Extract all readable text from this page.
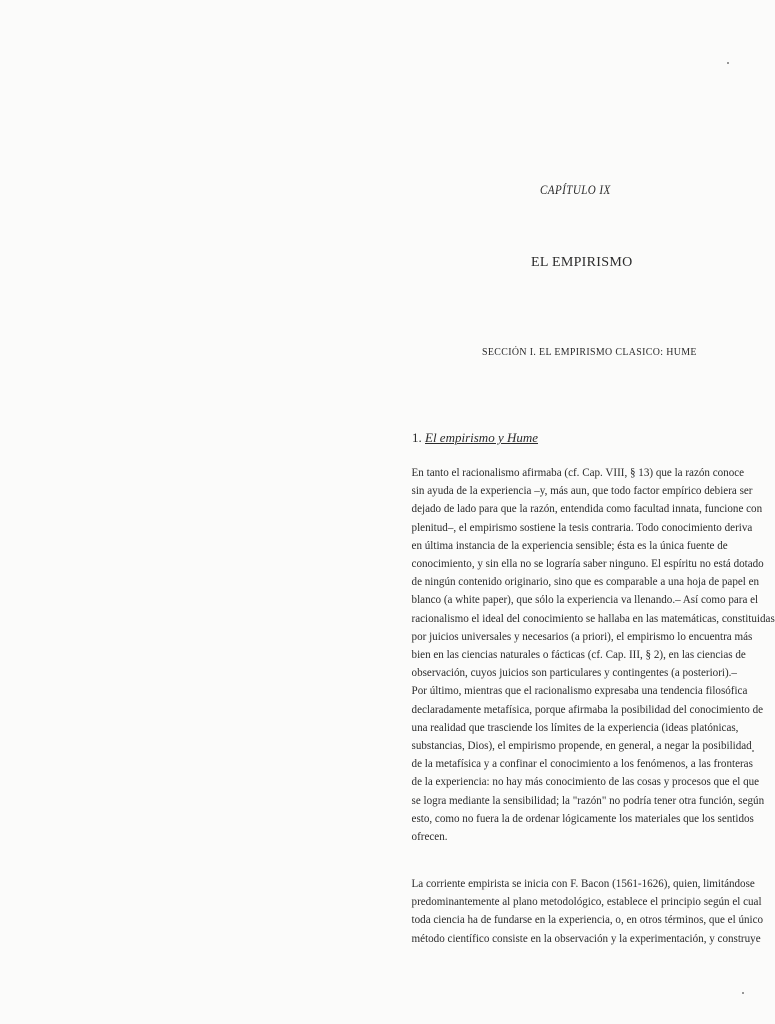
CAPÍTULO IX
EL EMPIRISMO
SECCIÓN I. EL EMPIRISMO CLASICO: HUME
1. El empirismo y Hume
En tanto el racionalismo afirmaba (cf. Cap. VIII, § 13) que la razón conoce
sin ayuda de la experiencia –y, más aun, que todo factor empírico debiera ser
dejado de lado para que la razón, entendida como facultad innata, funcione con
plenitud–, el empirismo sostiene la tesis contraria. Todo conocimiento deriva
en última instancia de la experiencia sensible; ésta es la única fuente de
conocimiento, y sin ella no se lograría saber ninguno. El espíritu no está dotado
de ningún contenido originario, sino que es comparable a una hoja de papel en
blanco (a white paper), que sólo la experiencia va llenando.– Así como para el
racionalismo el ideal del conocimiento se hallaba en las matemáticas, constituidas
por juicios universales y necesarios (a priori), el empirismo lo encuentra más
bien en las ciencias naturales o fácticas (cf. Cap. III, § 2), en las ciencias de
observación, cuyos juicios son particulares y contingentes (a posteriori).–
Por último, mientras que el racionalismo expresaba una tendencia filosófica
declaradamente metafísica, porque afirmaba la posibilidad del conocimiento de
una realidad que trasciende los límites de la experiencia (ideas platónicas,
substancias, Dios), el empirismo propende, en general, a negar la posibilidad
de la metafísica y a confinar el conocimiento a los fenómenos, a las fronteras
de la experiencia: no hay más conocimiento de las cosas y procesos que el que
se logra mediante la sensibilidad; la "razón" no podría tener otra función, según
esto, como no fuera la de ordenar lógicamente los materiales que los sentidos
ofrecen.
La corriente empirista se inicia con F. Bacon (1561-1626), quien, limitándose
predominantemente al plano metodológico, establece el principio según el cual
toda ciencia ha de fundarse en la experiencia, o, en otros términos, que el único
método científico consiste en la observación y la experimentación, y construye
